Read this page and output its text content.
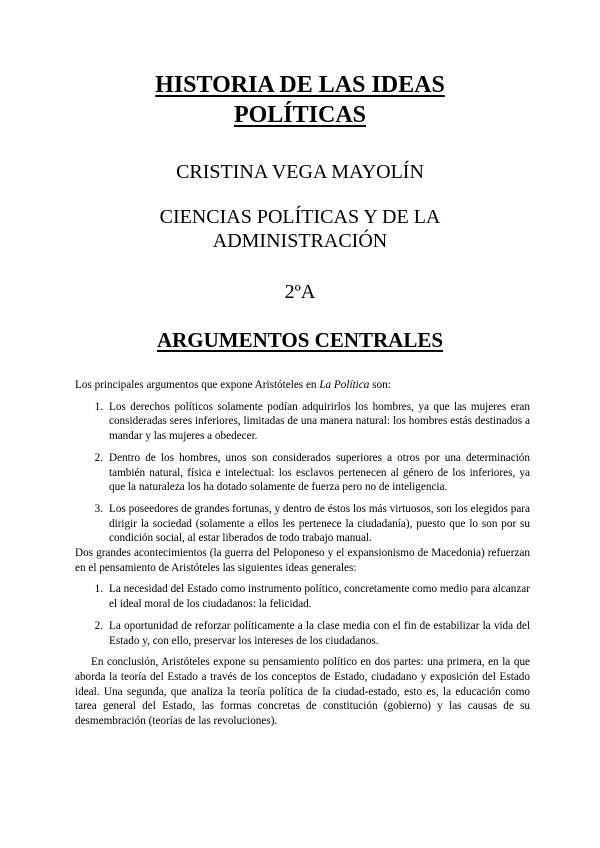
HISTORIA DE LAS IDEAS
POLÍTICAS
CRISTINA VEGA MAYOLÍN
CIENCIAS POLÍTICAS Y DE LA
ADMINISTRACIÓN
2ºA
ARGUMENTOS CENTRALES

Los principales argumentos que expone Aristóteles en La Política son:

1. Los derechos políticos solamente podían adquirirlos los hombres, ya que las mujeres eran consideradas seres inferiores, limitadas de una manera natural: los hombres estás destinados a mandar y las mujeres a obedecer.
2. Dentro de los hombres, unos son considerados superiores a otros por una determinación también natural, física e intelectual: los esclavos pertenecen al género de los inferiores, ya que la naturaleza los ha dotado solamente de fuerza pero no de inteligencia.
3. Los poseedores de grandes fortunas, y dentro de éstos los más virtuosos, son los elegidos para dirigir la sociedad (solamente a ellos les pertenece la ciudadanía), puesto que lo son por su condición social, al estar liberados de todo trabajo manual.

Dos grandes acontecimientos (la guerra del Peloponeso y el expansionismo de Macedonia) refuerzan en el pensamiento de Aristóteles las siguientes ideas generales:

1. La necesidad del Estado como instrumento político, concretamente como medio para alcanzar el ideal moral de los ciudadanos: la felicidad.
2. La oportunidad de reforzar políticamente a la clase media con el fin de estabilizar la vida del Estado y, con ello, preservar los intereses de los ciudadanos.

En conclusión, Aristóteles expone su pensamiento político en dos partes: una primera, en la que aborda la teoría del Estado a través de los conceptos de Estado, ciudadano y exposición del Estado ideal. Una segunda, que analiza la teoría política de la ciudad-estado, esto es, la educación como tarea general del Estado, las formas concretas de constitución (gobierno) y las causas de su desmembración (teorías de las revoluciones).
